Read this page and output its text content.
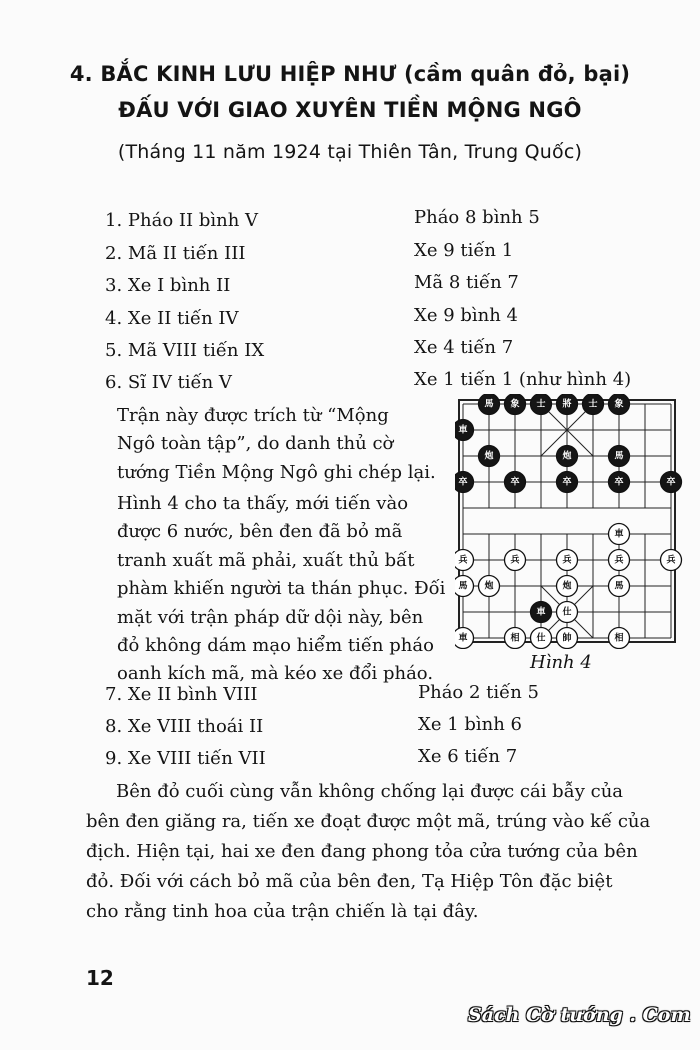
4. BẮC KINH LƯU HIỆP NHƯ (cầm quân đỏ, bại)
ĐẤU VỚI GIAO XUYÊN TIỀN MỘNG NGÔ
(Tháng 11 năm 1924 tại Thiên Tân, Trung Quốc)
1. Pháo II bình V	Pháo 8 bình 5
2. Mã II tiến III	Xe 9 tiến 1
3. Xe I bình II	Mã 8 tiến 7
4. Xe II tiến IV	Xe 9 bình 4
5. Mã VIII tiến IX	Xe 4 tiến 7
6. Sĩ IV tiến V	Xe 1 tiến 1 (như hình 4)
Trận này được trích từ “Mộng
Ngô toàn tập”, do danh thủ cờ
tướng Tiền Mộng Ngô ghi chép lại.
Hình 4 cho ta thấy, mới tiến vào
được 6 nước, bên đen đã bỏ mã
tranh xuất mã phải, xuất thủ bất
phàm khiến người ta thán phục. Đối
mặt với trận pháp dữ dội này, bên
đỏ không dám mạo hiểm tiến pháo
oanh kích mã, mà kéo xe đổi pháo.
馬 象 士 將 士 象
車
炮	炮	馬
卒	卒	卒	卒	卒
車
兵	兵	兵	兵	兵
馬 炮	炮	馬
車 仕
車	相 仕 帥	相
Hình 4
7. Xe II bình VIII	Pháo 2 tiến 5
8. Xe VIII thoái II	Xe 1 bình 6
9. Xe VIII tiến VII	Xe 6 tiến 7
Bên đỏ cuối cùng vẫn không chống lại được cái bẫy của
bên đen giăng ra, tiến xe đoạt được một mã, trúng vào kế của
địch. Hiện tại, hai xe đen đang phong tỏa cửa tướng của bên
đỏ. Đối với cách bỏ mã của bên đen, Tạ Hiệp Tôn đặc biệt
cho rằng tinh hoa của trận chiến là tại đây.
12
Sách Cờ tướng . Com
